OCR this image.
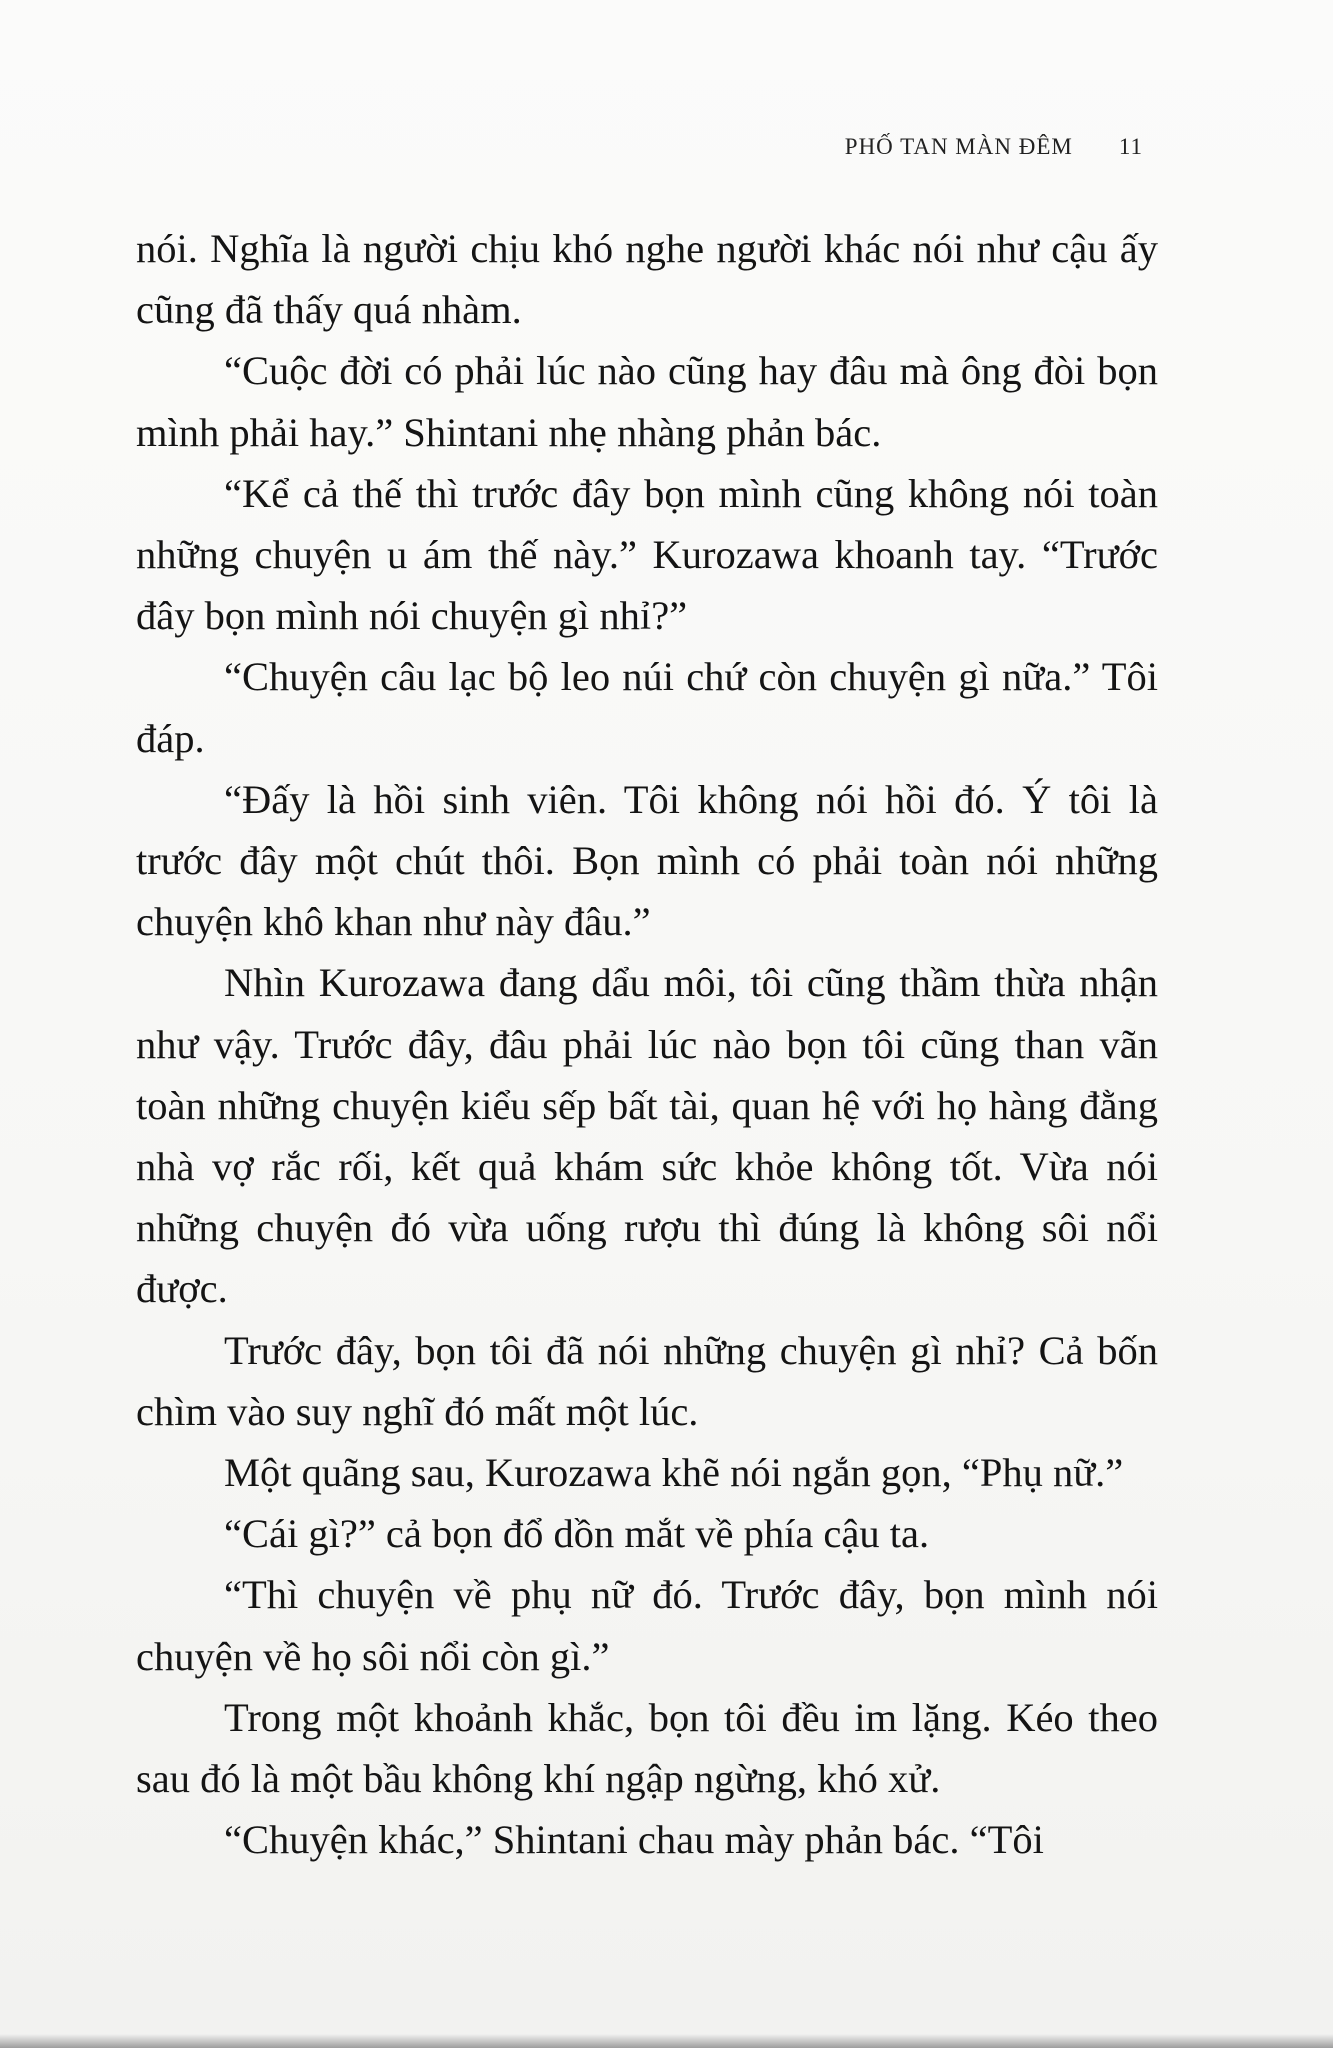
PHỐ TAN MÀN ĐÊM 11

nói. Nghĩa là người chịu khó nghe người khác nói như cậu ấy cũng đã thấy quá nhàm.

“Cuộc đời có phải lúc nào cũng hay đâu mà ông đòi bọn mình phải hay.” Shintani nhẹ nhàng phản bác.

“Kể cả thế thì trước đây bọn mình cũng không nói toàn những chuyện u ám thế này.” Kurozawa khoanh tay. “Trước đây bọn mình nói chuyện gì nhỉ?”

“Chuyện câu lạc bộ leo núi chứ còn chuyện gì nữa.” Tôi đáp.

“Đấy là hồi sinh viên. Tôi không nói hồi đó. Ý tôi là trước đây một chút thôi. Bọn mình có phải toàn nói những chuyện khô khan như này đâu.”

Nhìn Kurozawa đang dẩu môi, tôi cũng thầm thừa nhận như vậy. Trước đây, đâu phải lúc nào bọn tôi cũng than vãn toàn những chuyện kiểu sếp bất tài, quan hệ với họ hàng đằng nhà vợ rắc rối, kết quả khám sức khỏe không tốt. Vừa nói những chuyện đó vừa uống rượu thì đúng là không sôi nổi được.

Trước đây, bọn tôi đã nói những chuyện gì nhỉ? Cả bốn chìm vào suy nghĩ đó mất một lúc.

Một quãng sau, Kurozawa khẽ nói ngắn gọn, “Phụ nữ.”

“Cái gì?” cả bọn đổ dồn mắt về phía cậu ta.

“Thì chuyện về phụ nữ đó. Trước đây, bọn mình nói chuyện về họ sôi nổi còn gì.”

Trong một khoảnh khắc, bọn tôi đều im lặng. Kéo theo sau đó là một bầu không khí ngập ngừng, khó xử.

“Chuyện khác,” Shintani chau mày phản bác. “Tôi
